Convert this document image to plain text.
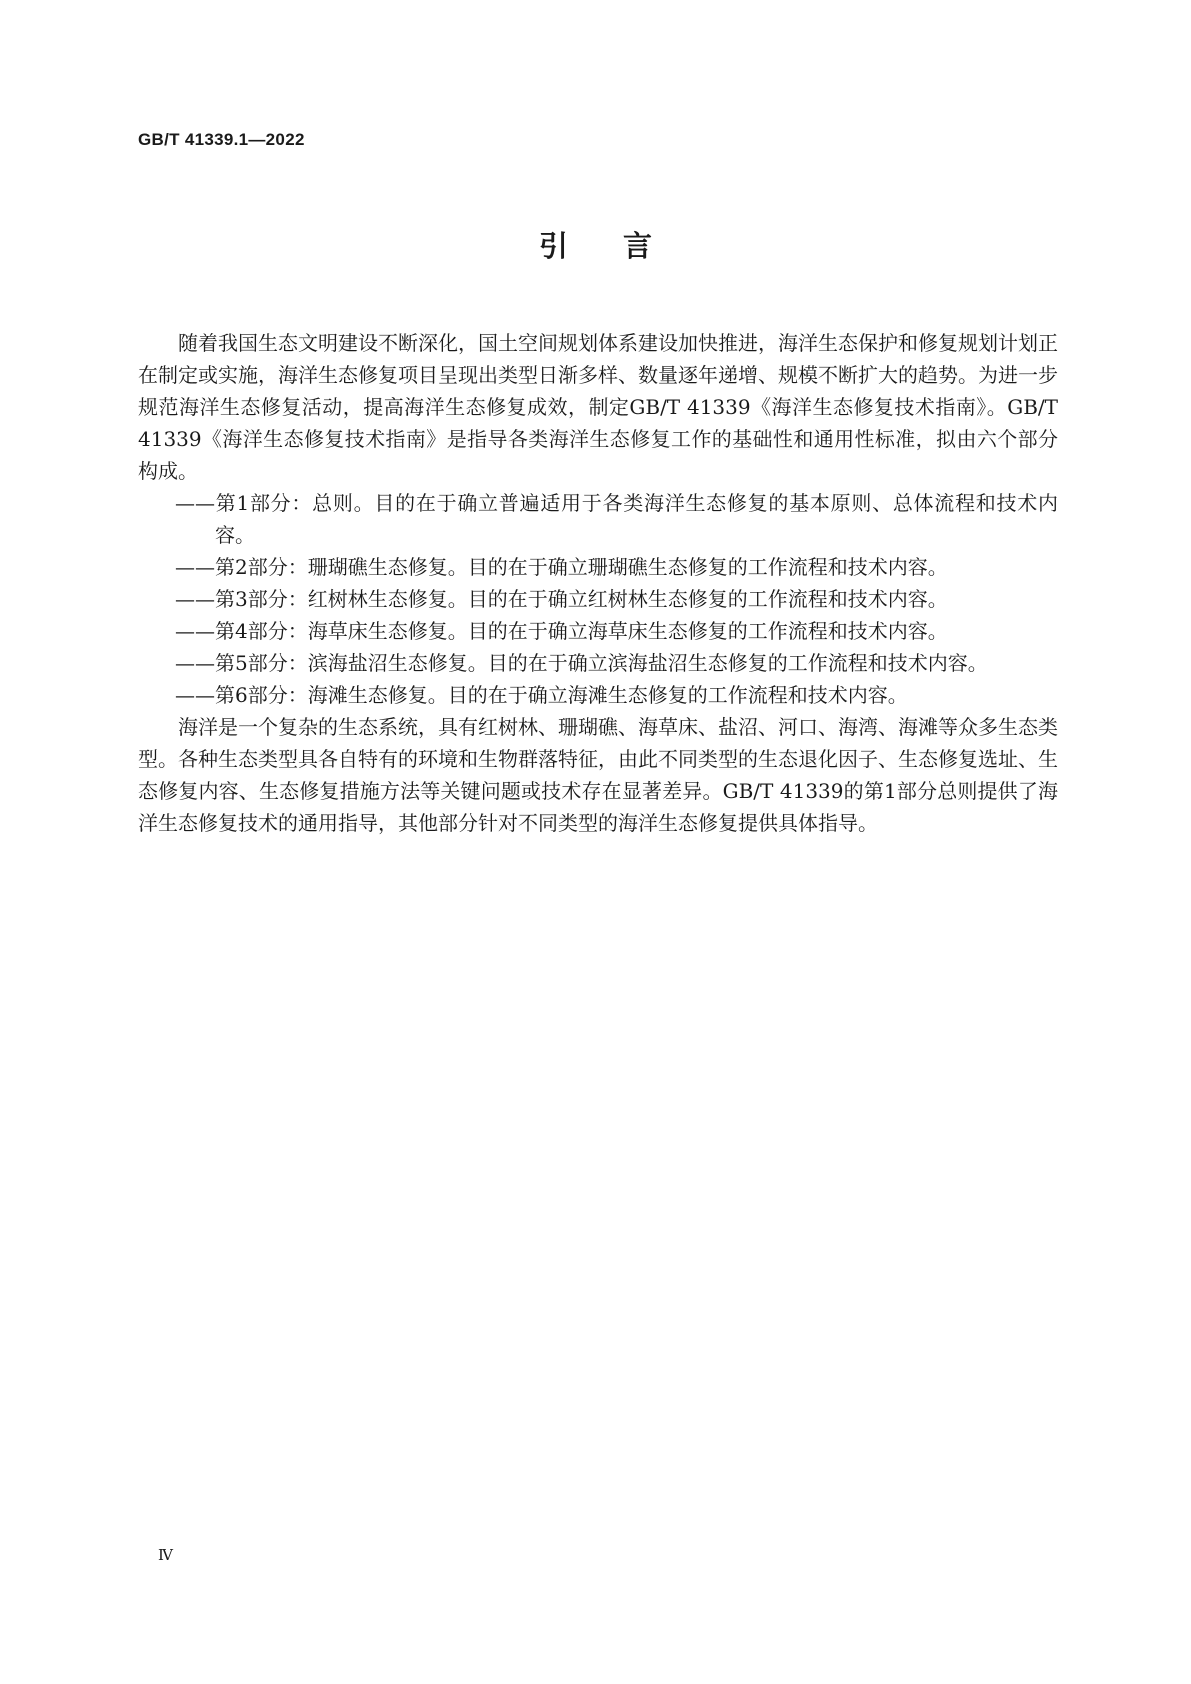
GB/T 41339.1—2022
引言

随着我国生态文明建设不断深化，国土空间规划体系建设加快推进，海洋生态保护和修复规划计划正在制定或实施，海洋生态修复项目呈现出类型日渐多样、数量逐年递增、规模不断扩大的趋势。为进一步规范海洋生态修复活动，提高海洋生态修复成效，制定GB/T 41339《海洋生态修复技术指南》。GB/T 41339《海洋生态修复技术指南》是指导各类海洋生态修复工作的基础性和通用性标准，拟由六个部分构成。

——第1部分：总则。目的在于确立普遍适用于各类海洋生态修复的基本原则、总体流程和技术内容。

——第2部分：珊瑚礁生态修复。目的在于确立珊瑚礁生态修复的工作流程和技术内容。

——第3部分：红树林生态修复。目的在于确立红树林生态修复的工作流程和技术内容。

——第4部分：海草床生态修复。目的在于确立海草床生态修复的工作流程和技术内容。

——第5部分：滨海盐沼生态修复。目的在于确立滨海盐沼生态修复的工作流程和技术内容。

——第6部分：海滩生态修复。目的在于确立海滩生态修复的工作流程和技术内容。

海洋是一个复杂的生态系统，具有红树林、珊瑚礁、海草床、盐沼、河口、海湾、海滩等众多生态类型。各种生态类型具各自特有的环境和生物群落特征，由此不同类型的生态退化因子、生态修复选址、生态修复内容、生态修复措施方法等关键问题或技术存在显著差异。GB/T 41339的第1部分总则提供了海洋生态修复技术的通用指导，其他部分针对不同类型的海洋生态修复提供具体指导。

Ⅳ
